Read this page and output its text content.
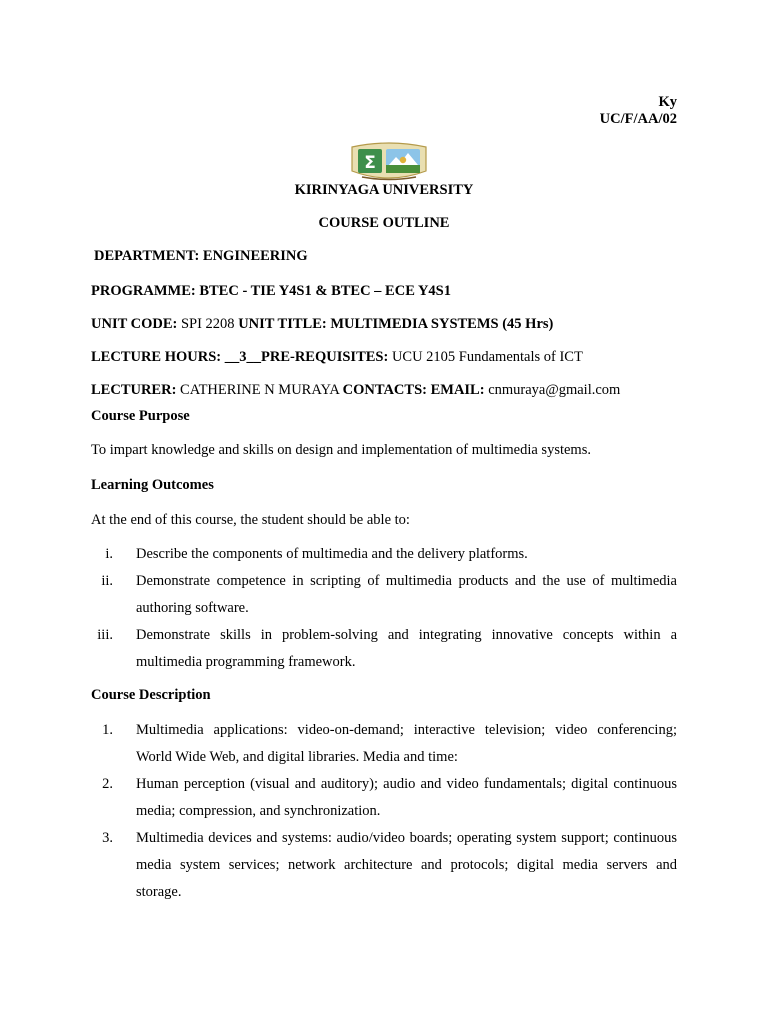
Ky
UC/F/AA/02
Σ
KIRINYAGA UNIVERSITY
COURSE OUTLINE
DEPARTMENT: ENGINEERING
PROGRAMME: BTEC - TIE Y4S1 & BTEC – ECE Y4S1
UNIT CODE: SPI 2208 UNIT TITLE: MULTIMEDIA SYSTEMS (45 Hrs)
LECTURE HOURS: __3__PRE-REQUISITES: UCU 2105 Fundamentals of ICT
LECTURER: CATHERINE N MURAYA CONTACTS: EMAIL: cnmuraya@gmail.com
Course Purpose
To impart knowledge and skills on design and implementation of multimedia systems.
Learning Outcomes
At the end of this course, the student should be able to:
i. Describe the components of multimedia and the delivery platforms.
ii. Demonstrate competence in scripting of multimedia products and the use of multimedia authoring software.
iii. Demonstrate skills in problem-solving and integrating innovative concepts within a multimedia programming framework.
Course Description
1. Multimedia applications: video-on-demand; interactive television; video conferencing; World Wide Web, and digital libraries. Media and time:
2. Human perception (visual and auditory); audio and video fundamentals; digital continuous media; compression, and synchronization.
3. Multimedia devices and systems: audio/video boards; operating system support; continuous media system services; network architecture and protocols; digital media servers and storage.
